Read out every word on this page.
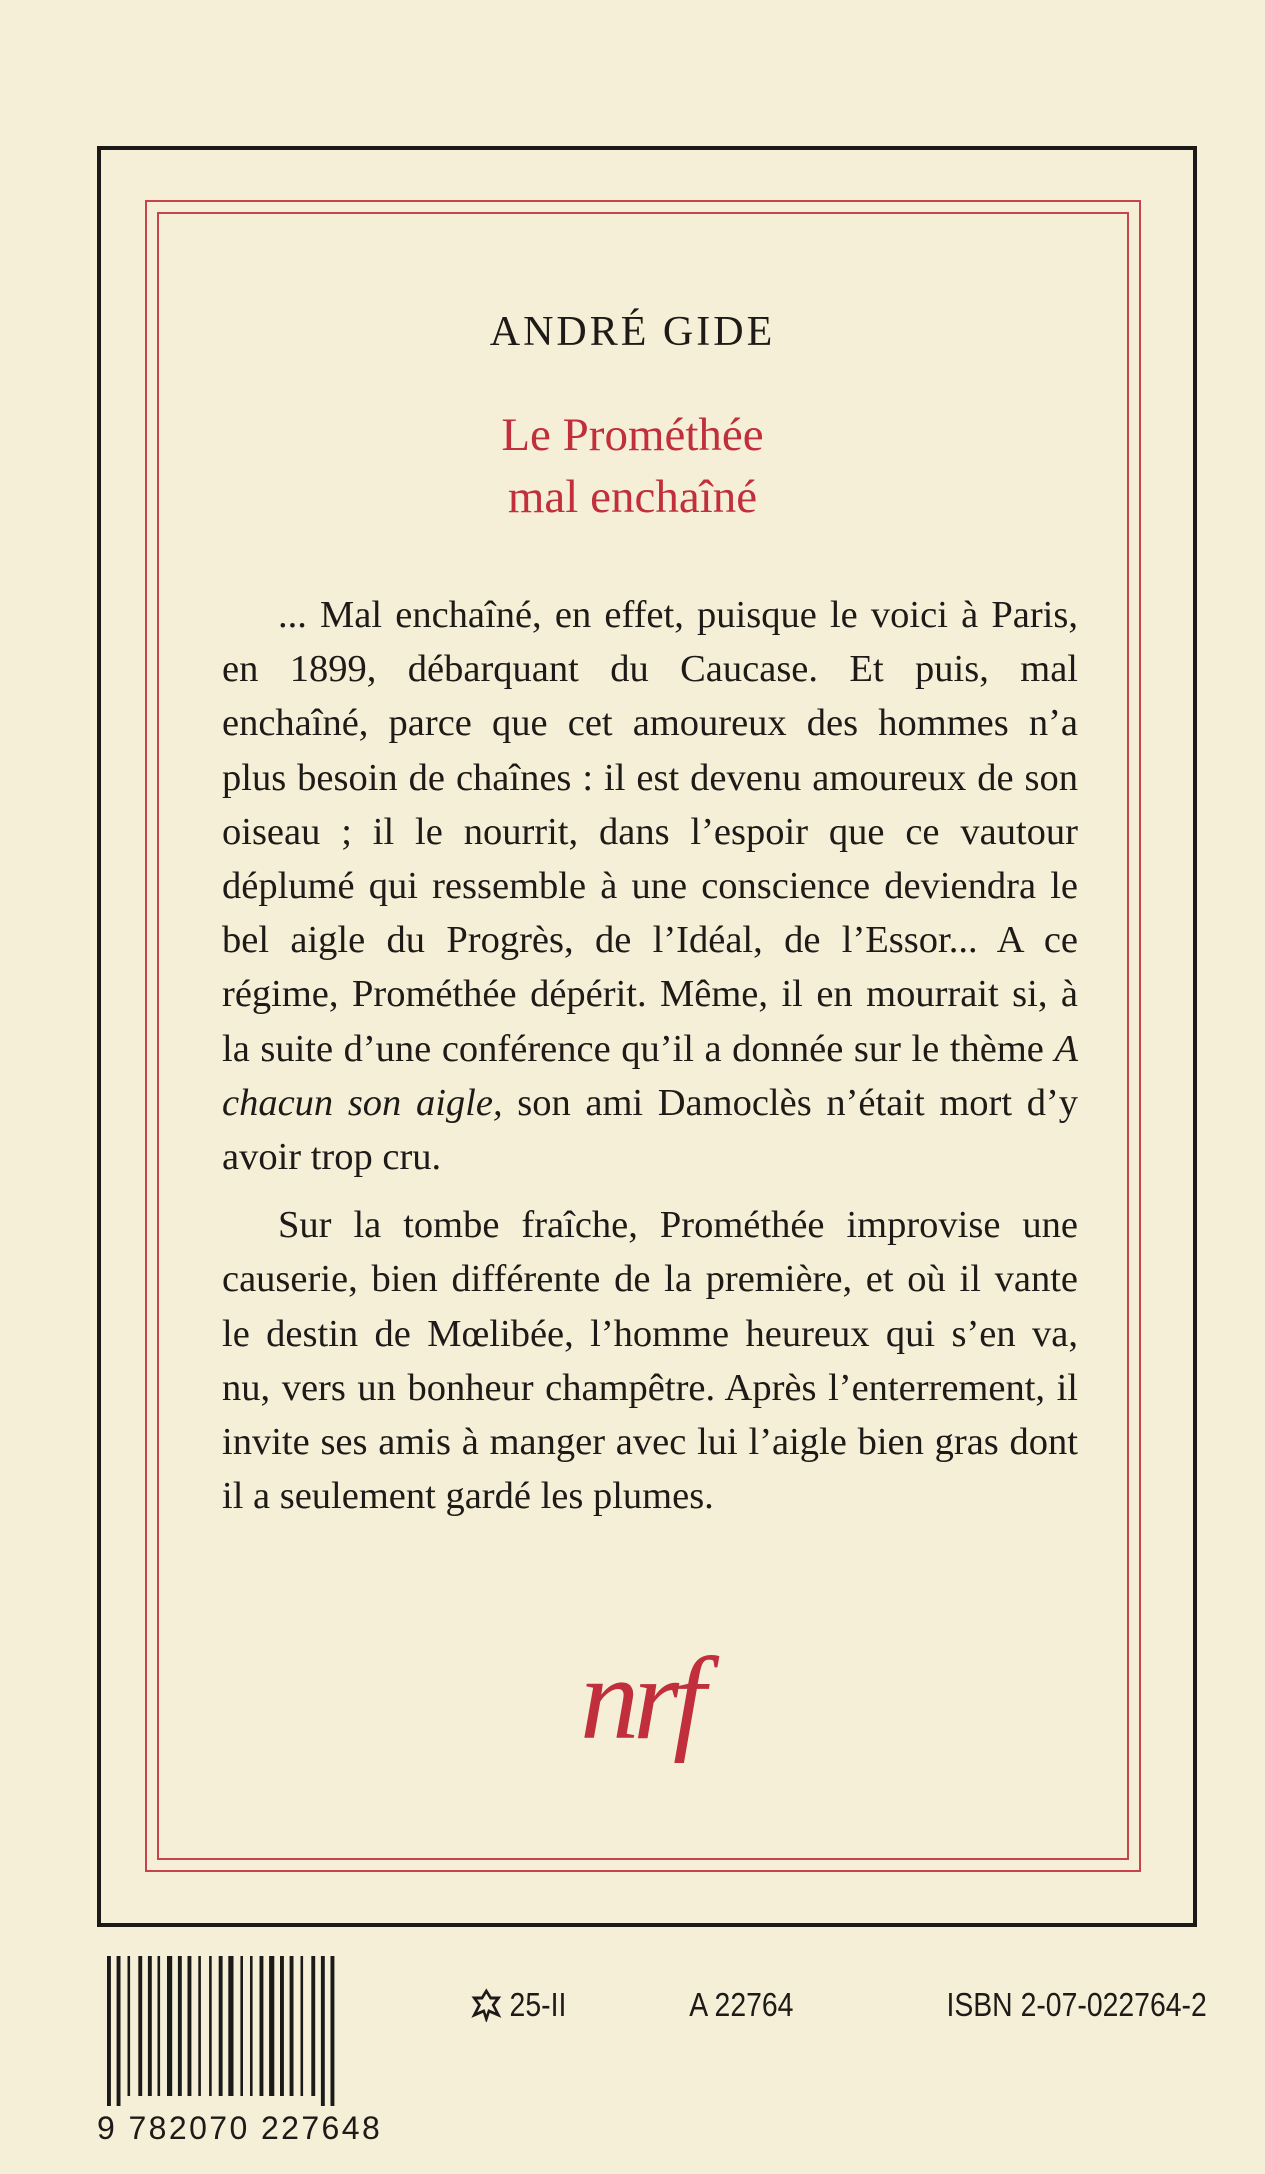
ANDRÉ GIDE
Le Prométhée
mal enchaîné

... Mal enchaîné, en effet, puisque le voici à Paris, en 1899, débarquant du Caucase. Et puis, mal enchaîné, parce que cet amoureux des hommes n’a plus besoin de chaînes : il est devenu amoureux de son oiseau ; il le nourrit, dans l’espoir que ce vautour déplumé qui ressemble à une conscience deviendra le bel aigle du Progrès, de l’Idéal, de l’Essor... A ce régime, Prométhée dépérit. Même, il en mourrait si, à la suite d’une conférence qu’il a donnée sur le thème A chacun son aigle, son ami Damoclès n’était mort d’y avoir trop cru.

Sur la tombe fraîche, Prométhée improvise une causerie, bien différente de la première, et où il vante le destin de Mœlibée, l’homme heureux qui s’en va, nu, vers un bonheur champêtre. Après l’enterrement, il invite ses amis à manger avec lui l’aigle bien gras dont il a seulement gardé les plumes.

nrf
9 782070 227648
25-II	A 22764	ISBN 2-07-022764-2
